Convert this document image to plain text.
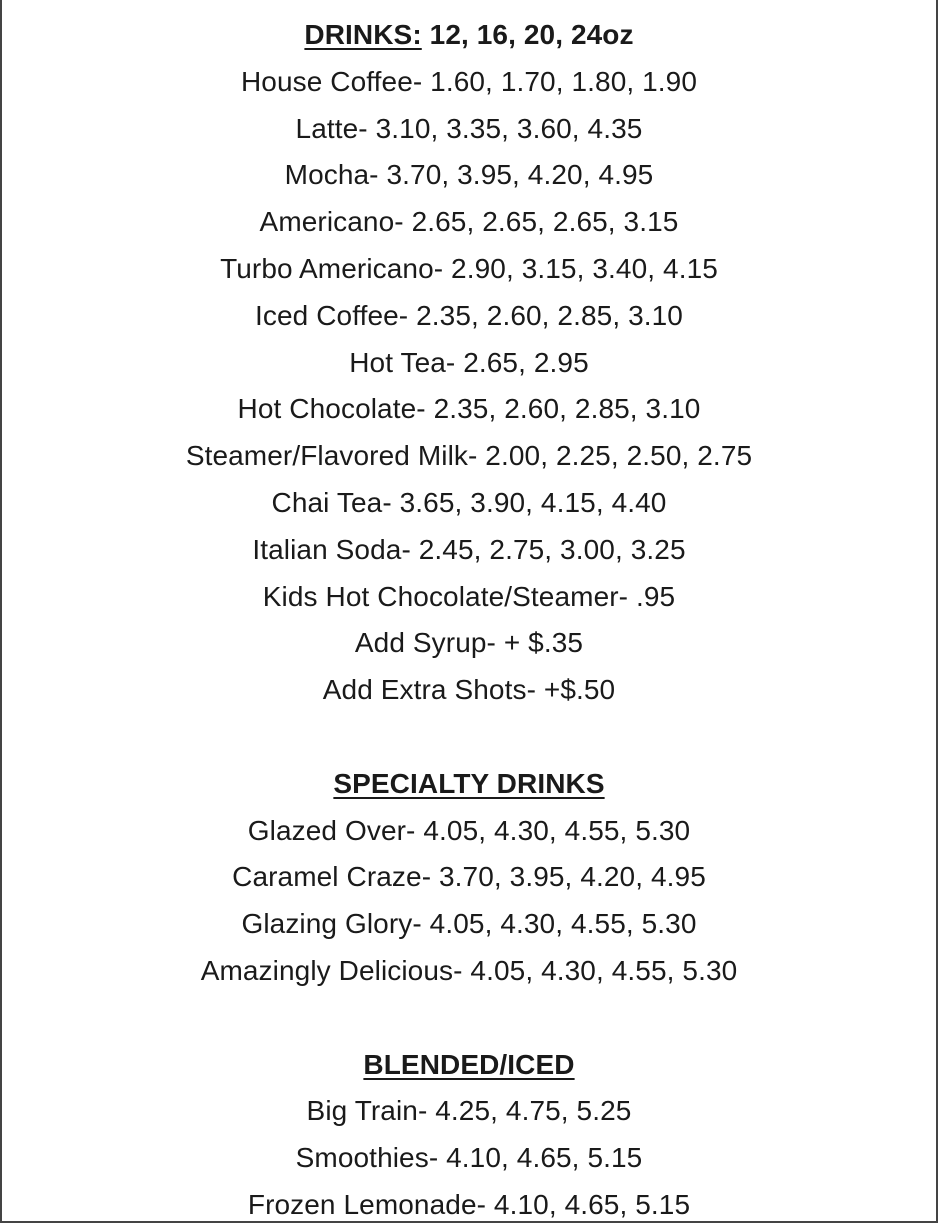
DRINKS: 12, 16, 20, 24oz
House Coffee- 1.60, 1.70, 1.80, 1.90
Latte- 3.10, 3.35, 3.60, 4.35
Mocha- 3.70, 3.95, 4.20, 4.95
Americano- 2.65, 2.65, 2.65, 3.15
Turbo Americano- 2.90, 3.15, 3.40, 4.15
Iced Coffee- 2.35, 2.60, 2.85, 3.10
Hot Tea- 2.65, 2.95
Hot Chocolate- 2.35, 2.60, 2.85, 3.10
Steamer/Flavored Milk- 2.00, 2.25, 2.50, 2.75
Chai Tea- 3.65, 3.90, 4.15, 4.40
Italian Soda- 2.45, 2.75, 3.00, 3.25
Kids Hot Chocolate/Steamer- .95
Add Syrup- + $.35
Add Extra Shots- +$.50
SPECIALTY DRINKS
Glazed Over- 4.05, 4.30, 4.55, 5.30
Caramel Craze- 3.70, 3.95, 4.20, 4.95
Glazing Glory- 4.05, 4.30, 4.55, 5.30
Amazingly Delicious- 4.05, 4.30, 4.55, 5.30
BLENDED/ICED
Big Train- 4.25, 4.75, 5.25
Smoothies- 4.10, 4.65, 5.15
Frozen Lemonade- 4.10, 4.65, 5.15
